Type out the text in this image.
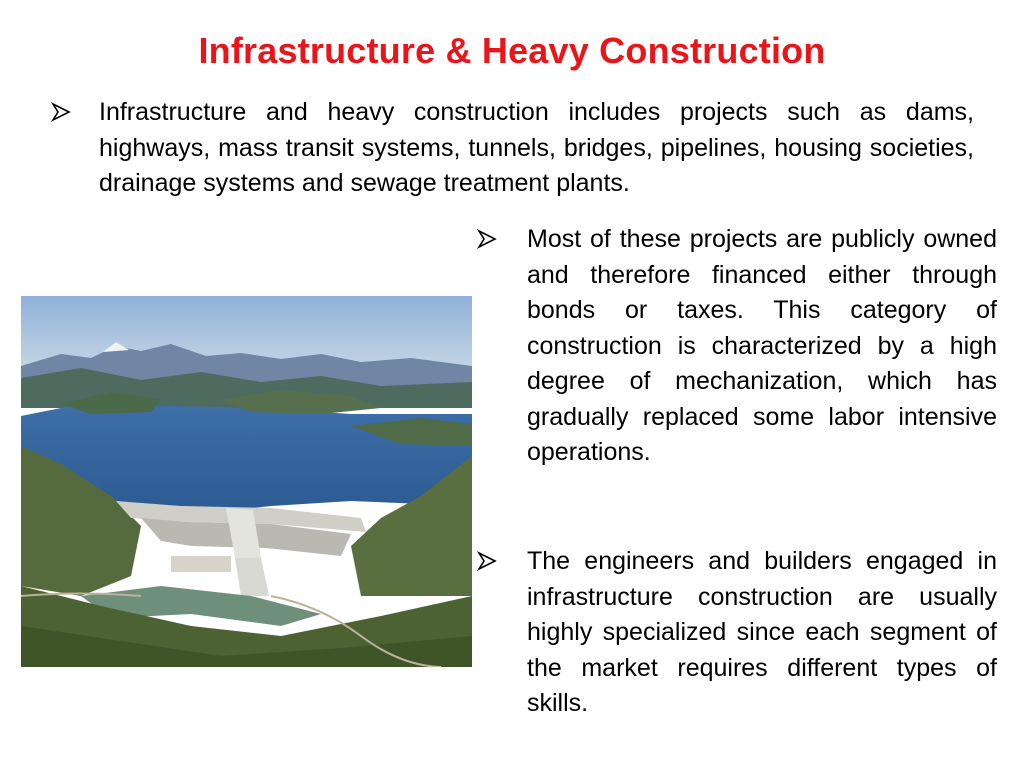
Infrastructure & Heavy Construction

Infrastructure and heavy construction includes projects such as dams, highways, mass transit systems, tunnels, bridges, pipelines, housing societies, drainage systems and sewage treatment plants.

Most of these projects are publicly owned and therefore financed either through bonds or taxes. This category of construction is characterized by a high degree of mechanization, which has gradually replaced some labor intensive operations.

The engineers and builders engaged in infrastructure construction are usually highly specialized since each segment of the market requires different types of skills.
